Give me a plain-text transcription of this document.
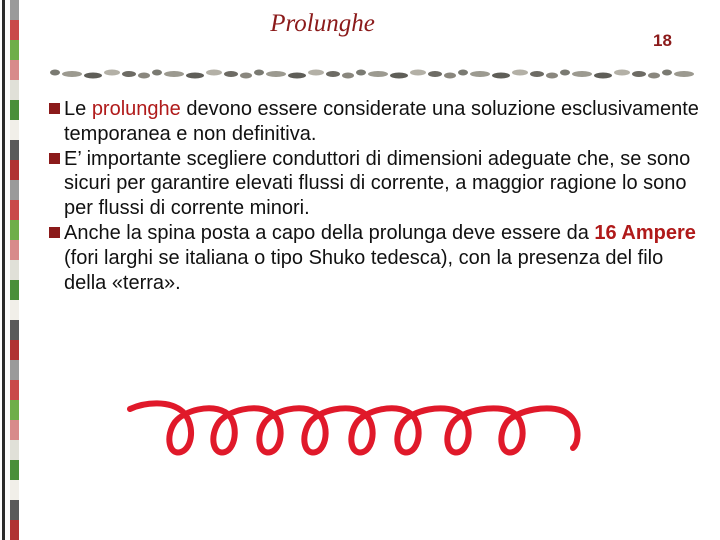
Prolunghe
18
Le prolunghe devono essere considerate una soluzione esclusivamente temporanea e non definitiva.
E’ importante scegliere conduttori di dimensioni adeguate che, se sono sicuri per garantire elevati flussi di corrente, a maggior ragione lo sono per flussi di corrente minori.
Anche la spina posta a capo della prolunga deve essere da 16 Ampere (fori larghi se italiana o tipo Shuko tedesca), con la presenza del filo della «terra».
